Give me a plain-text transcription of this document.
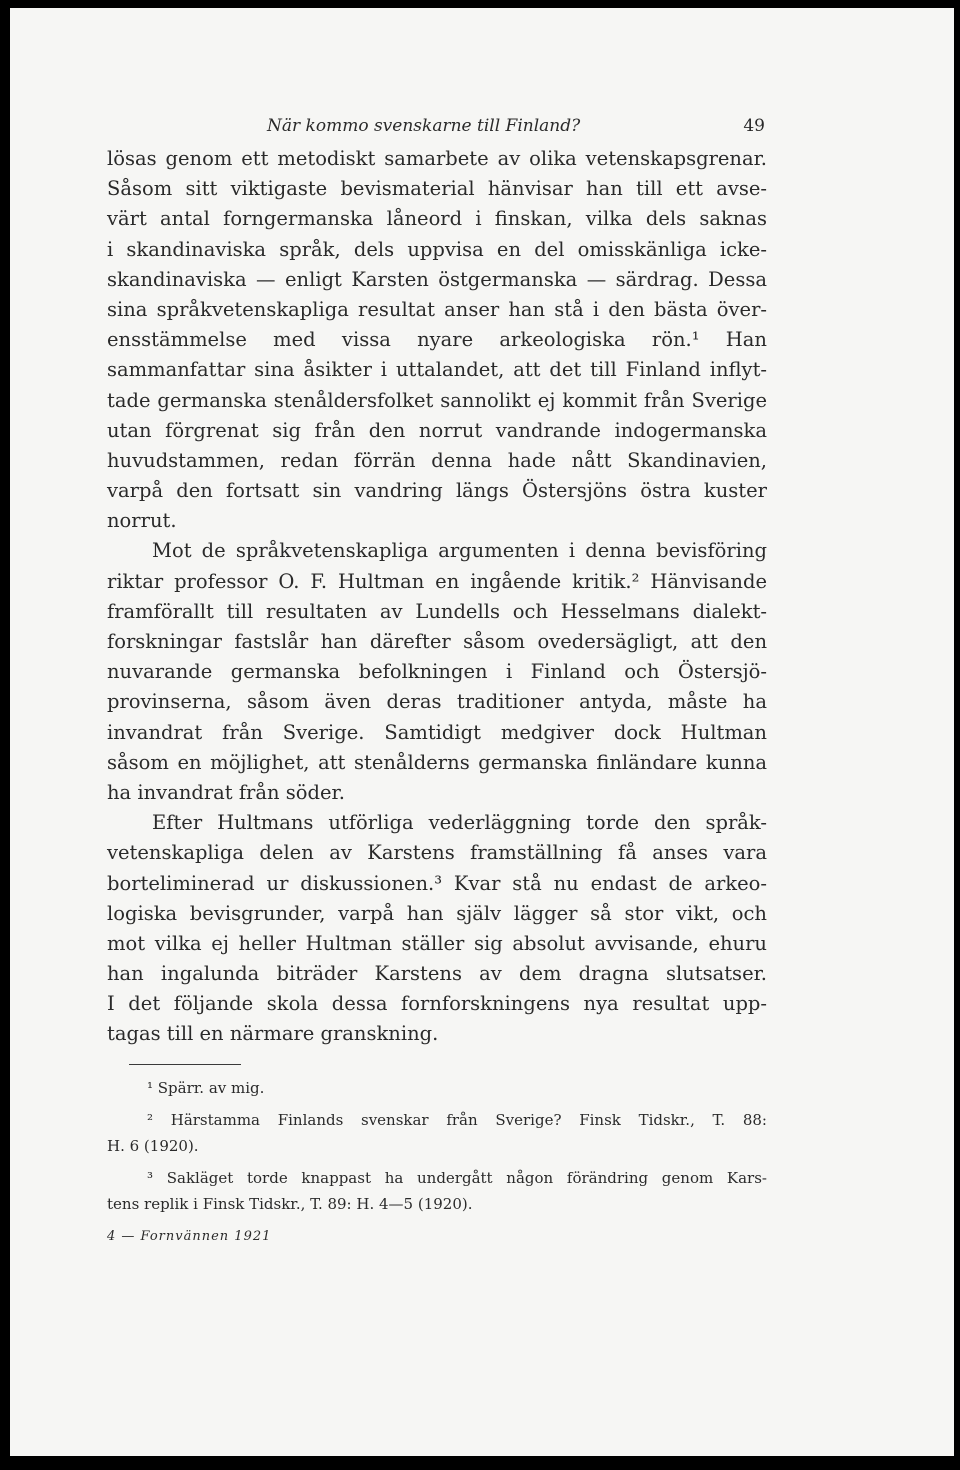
När kommo svenskarne till Finland?	49
lösas genom ett metodiskt samarbete av olika vetenskapsgrenar.
Såsom sitt viktigaste bevismaterial hänvisar han till ett avse-
värt antal forngermanska låneord i finskan, vilka dels saknas
i skandinaviska språk, dels uppvisa en del omisskänliga icke-
skandinaviska — enligt Karsten östgermanska — särdrag. Dessa
sina språkvetenskapliga resultat anser han stå i den bästa över-
ensstämmelse med vissa nyare arkeologiska rön.¹ Han
sammanfattar sina åsikter i uttalandet, att det till Finland inflyt-
tade germanska stenåldersfolket sannolikt ej kommit från Sverige
utan förgrenat sig från den norrut vandrande indogermanska
huvudstammen, redan förrän denna hade nått Skandinavien,
varpå den fortsatt sin vandring längs Östersjöns östra kuster
norrut.
Mot de språkvetenskapliga argumenten i denna bevisföring
riktar professor O. F. Hultman en ingående kritik.² Hänvisande
framförallt till resultaten av Lundells och Hesselmans dialekt-
forskningar fastslår han därefter såsom ovedersägligt, att den
nuvarande germanska befolkningen i Finland och Östersjö-
provinserna, såsom även deras traditioner antyda, måste ha
invandrat från Sverige. Samtidigt medgiver dock Hultman
såsom en möjlighet, att stenålderns germanska finländare kunna
ha invandrat från söder.
Efter Hultmans utförliga vederläggning torde den språk-
vetenskapliga delen av Karstens framställning få anses vara
borteliminerad ur diskussionen.³ Kvar stå nu endast de arkeo-
logiska bevisgrunder, varpå han själv lägger så stor vikt, och
mot vilka ej heller Hultman ställer sig absolut avvisande, ehuru
han ingalunda biträder Karstens av dem dragna slutsatser.
I det följande skola dessa fornforskningens nya resultat upp-
tagas till en närmare granskning.
¹ Spärr. av mig.
² Härstamma Finlands svenskar från Sverige? Finsk Tidskr., T. 88:
H. 6 (1920).
³ Sakläget torde knappast ha undergått någon förändring genom Kars-
tens replik i Finsk Tidskr., T. 89: H. 4—5 (1920).
4 — Fornvännen 1921
